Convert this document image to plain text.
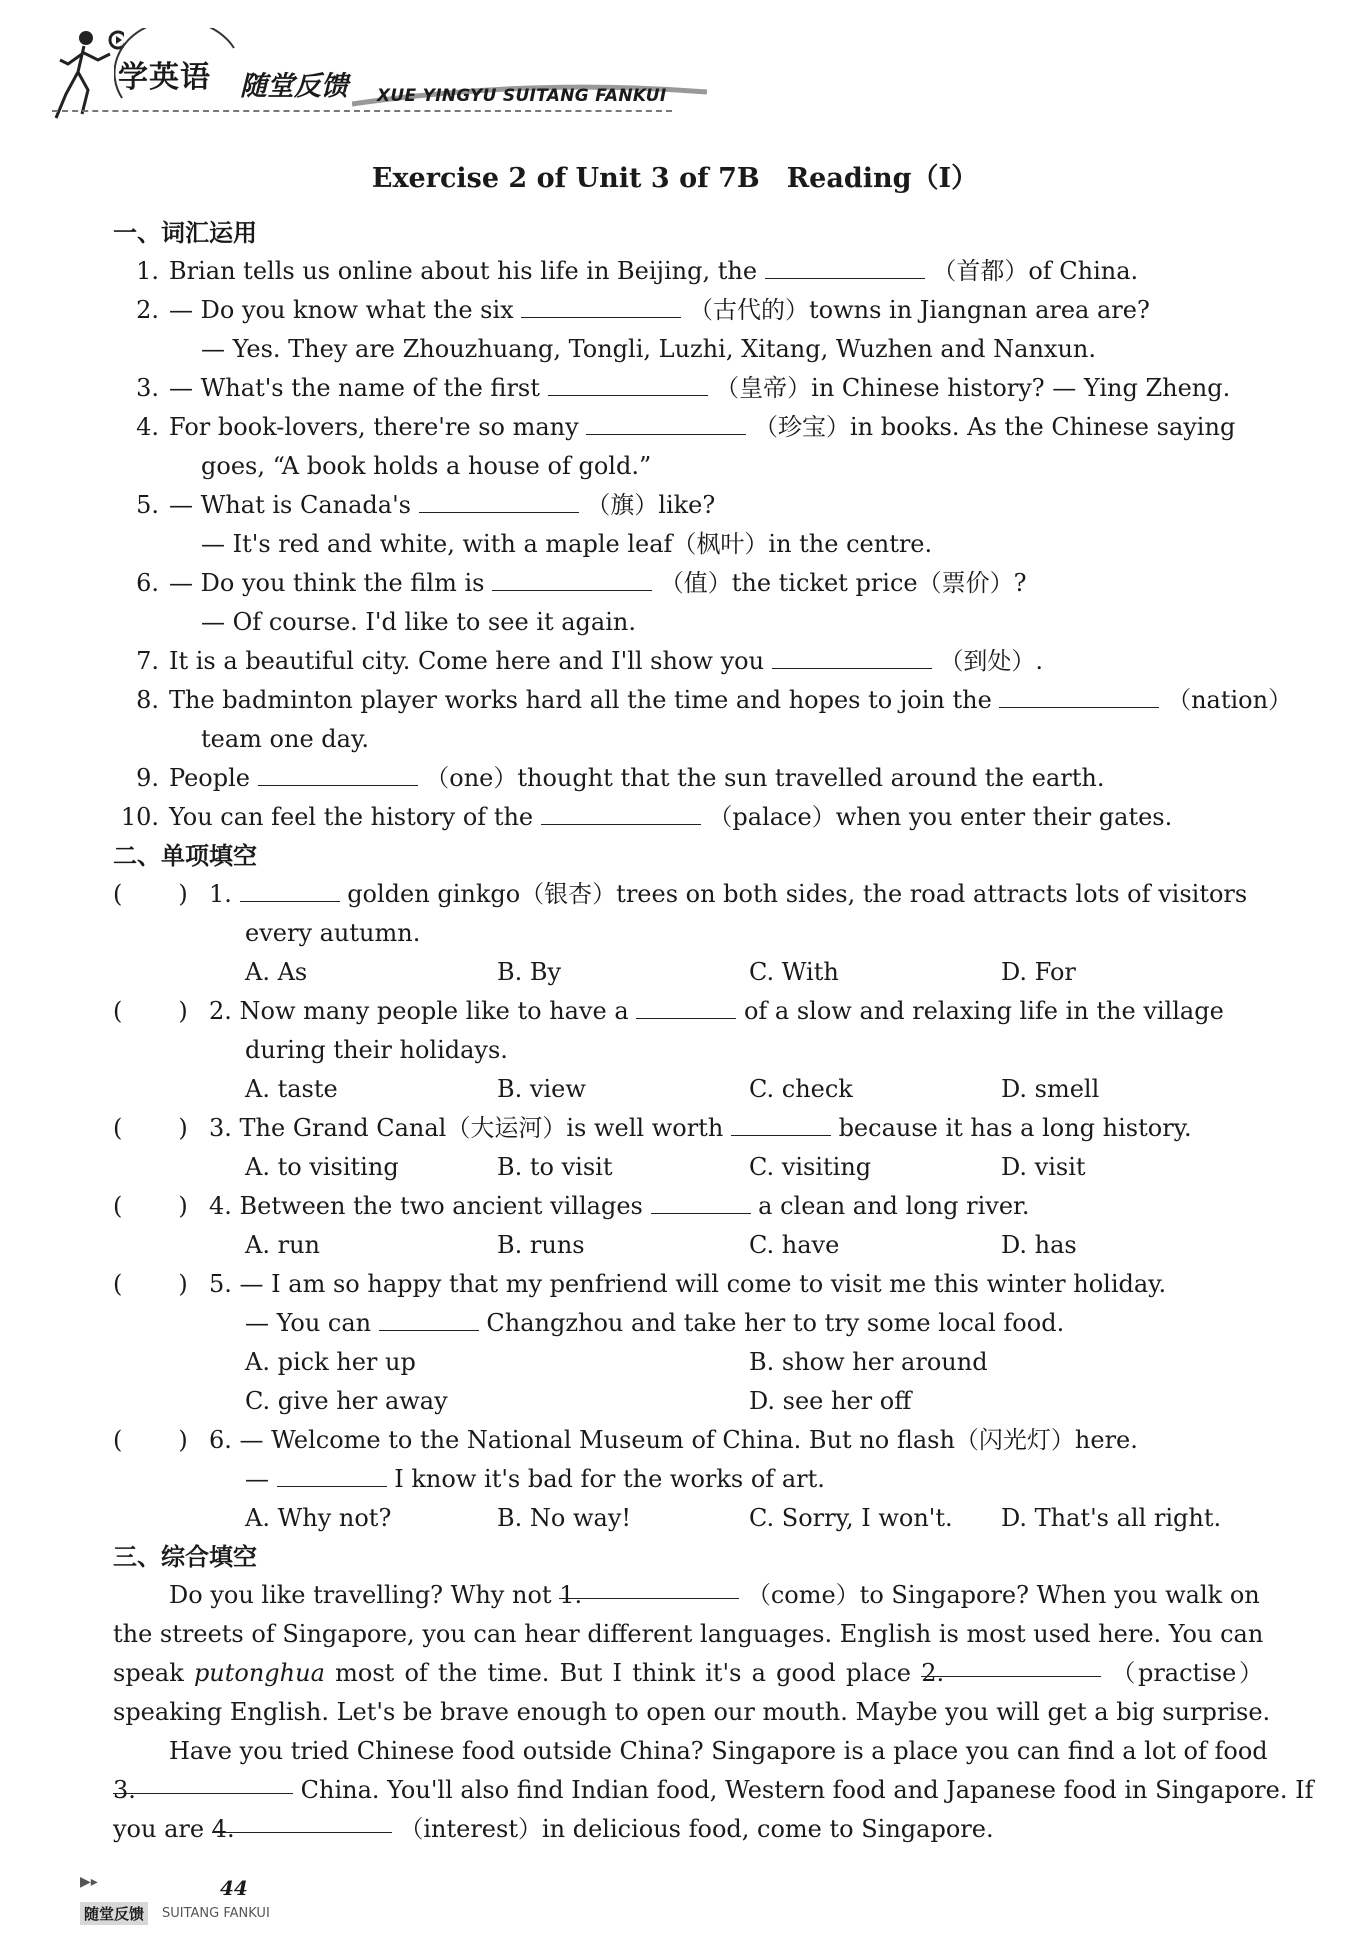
学英语 随堂反馈 XUE YINGYU SUITANG FANKUI
Exercise 2 of Unit 3 of 7B　Reading（Ⅰ）
一、词汇运用
1. Brian tells us online about his life in Beijing, the	（首都）of China.
2. — Do you know what the six	（古代的）towns in Jiangnan area are?
— Yes. They are Zhouzhuang, Tongli, Luzhi, Xitang, Wuzhen and Nanxun.
3. — What's the name of the first	（皇帝）in Chinese history? — Ying Zheng.
4. For book-lovers, there're so many	（珍宝）in books. As the Chinese saying
goes, “A book holds a house of gold.”
5. — What is Canada's	（旗）like?
— It's red and white, with a maple leaf（枫叶）in the centre.
6. — Do you think the film is	（值）the ticket price（票价）?
— Of course. I'd like to see it again.
7. It is a beautiful city. Come here and I'll show you	（到处）.
8. The badminton player works hard all the time and hopes to join the	（nation）
team one day.
9. People	（one）thought that the sun travelled around the earth.
10. You can feel the history of the	（palace）when you enter their gates.
二、单项填空
( ) 1.	golden ginkgo（银杏）trees on both sides, the road attracts lots of visitors
every autumn.
A. As	B. By	C. With	D. For
( ) 2. Now many people like to have a	of a slow and relaxing life in the village
during their holidays.
A. taste	B. view	C. check	D. smell
( ) 3. The Grand Canal（大运河）is well worth	because it has a long history.
A. to visiting	B. to visit	C. visiting	D. visit
( ) 4. Between the two ancient villages	a clean and long river.
A. run	B. runs	C. have	D. has
( ) 5. — I am so happy that my penfriend will come to visit me this winter holiday.
— You can	Changzhou and take her to try some local food.
A. pick her up	B. show her around
C. give her away	D. see her off
( ) 6. — Welcome to the National Museum of China. But no flash（闪光灯）here.
—	I know it's bad for the works of art.
A. Why not?	B. No way!	C. Sorry, I won't. D. That's all right.
三、综合填空
Do you like travelling? Why not 1.	（come）to Singapore? When you walk on
the streets of Singapore, you can hear different languages. English is most used here. You can
speak putonghua most of the time. But I think it's a good place 2.	（practise）
speaking English. Let's be brave enough to open our mouth. Maybe you will get a big surprise.
Have you tried Chinese food outside China? Singapore is a place you can find a lot of food
3.	China. You'll also find Indian food, Western food and Japanese food in Singapore. If
you are 4.	（interest）in delicious food, come to Singapore.
▶▸	44
随堂反馈	SUITANG FANKUI
